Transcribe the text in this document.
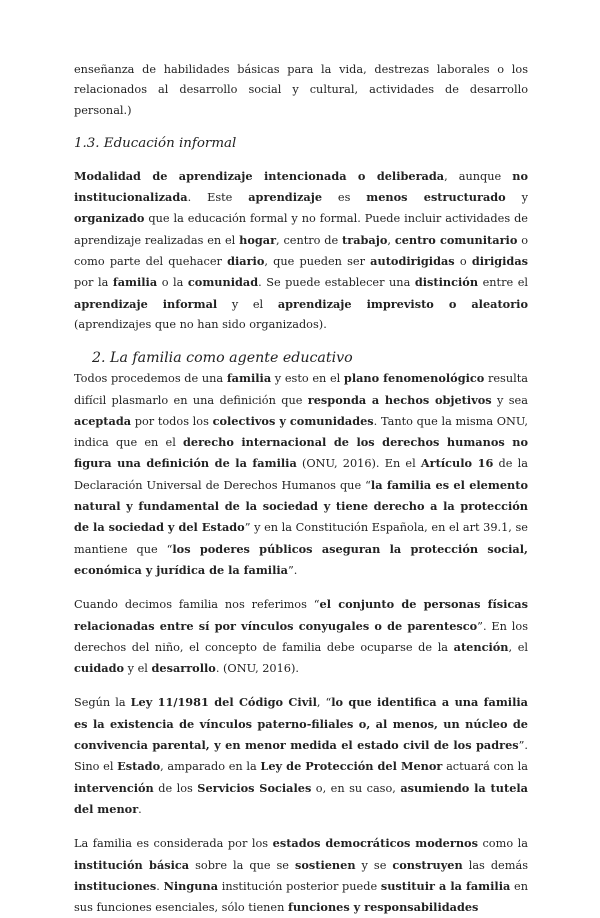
enseñanza de habilidades básicas para la vida, destrezas laborales o los relacionados al desarrollo social y cultural, actividades de desarrollo personal.)

1.3. Educación informal

Modalidad de aprendizaje intencionada o deliberada, aunque no institucionalizada. Este aprendizaje es menos estructurado y organizado que la educación formal y no formal. Puede incluir actividades de aprendizaje realizadas en el hogar, centro de trabajo, centro comunitario o como parte del quehacer diario, que pueden ser autodirigidas o dirigidas por la familia o la comunidad. Se puede establecer una distinción entre el aprendizaje informal y el aprendizaje imprevisto o aleatorio (aprendizajes que no han sido organizados).

2. La familia como agente educativo

Todos procedemos de una familia y esto en el plano fenomenológico resulta difícil plasmarlo en una definición que responda a hechos objetivos y sea aceptada por todos los colectivos y comunidades. Tanto que la misma ONU, indica que en el derecho internacional de los derechos humanos no figura una definición de la familia (ONU, 2016). En el Artículo 16 de la Declaración Universal de Derechos Humanos que “la familia es el elemento natural y fundamental de la sociedad y tiene derecho a la protección de la sociedad y del Estado” y en la Constitución Española, en el art 39.1, se mantiene que “los poderes públicos aseguran la protección social, económica y jurídica de la familia”.

Cuando decimos familia nos referimos “el conjunto de personas físicas relacionadas entre sí por vínculos conyugales o de parentesco”. En los derechos del niño, el concepto de familia debe ocuparse de la atención, el cuidado y el desarrollo. (ONU, 2016).

Según la Ley 11/1981 del Código Civil, “lo que identifica a una familia es la existencia de vínculos paterno-filiales o, al menos, un núcleo de convivencia parental, y en menor medida el estado civil de los padres”. Sino el Estado, amparado en la Ley de Protección del Menor actuará con la intervención de los Servicios Sociales o, en su caso, asumiendo la tutela del menor.

La familia es considerada por los estados democráticos modernos como la institución básica sobre la que se sostienen y se construyen las demás instituciones. Ninguna institución posterior puede sustituir a la familia en sus funciones esenciales, sólo tienen funciones y responsabilidades
